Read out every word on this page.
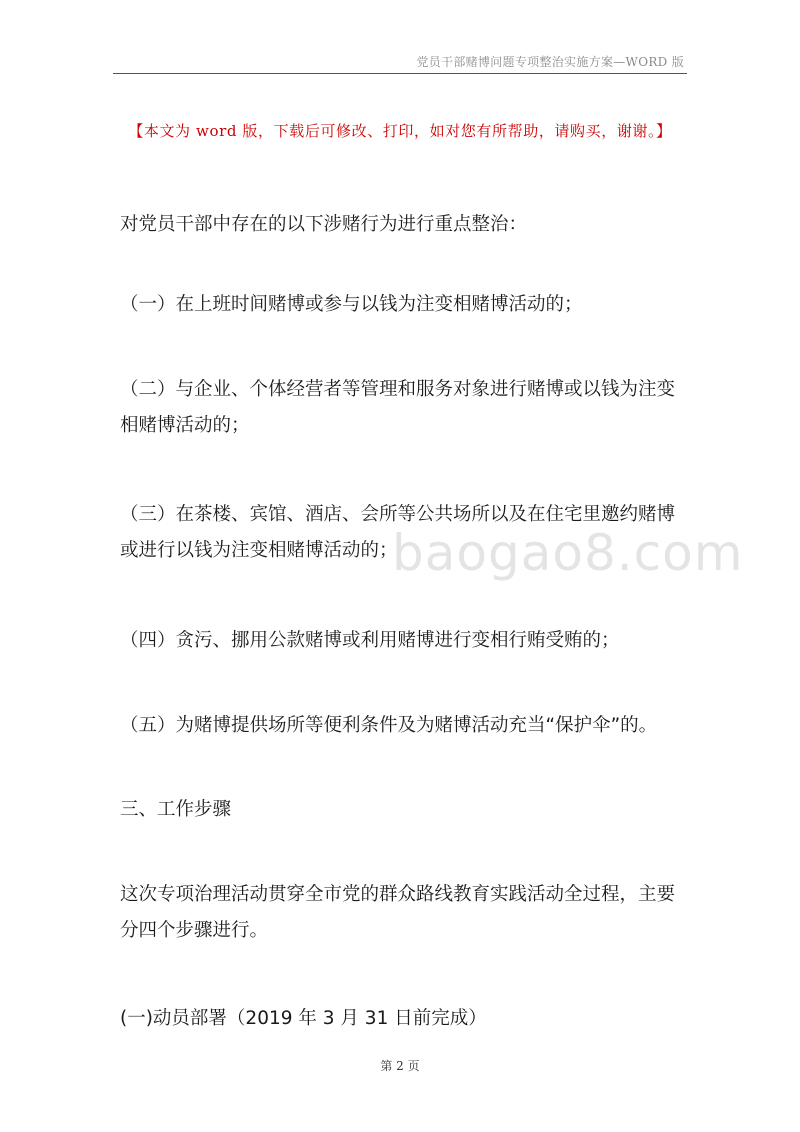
党员干部赌博问题专项整治实施方案—WORD 版
【本文为 word 版，下载后可修改、打印，如对您有所帮助，请购买，谢谢。】
baogao8.com

对党员干部中存在的以下涉赌行为进行重点整治：

（一）在上班时间赌博或参与以钱为注变相赌博活动的；

（二）与企业、个体经营者等管理和服务对象进行赌博或以钱为注变相赌博活动的；

（三）在茶楼、宾馆、酒店、会所等公共场所以及在住宅里邀约赌博或进行以钱为注变相赌博活动的；

（四）贪污、挪用公款赌博或利用赌博进行变相行贿受贿的；

（五）为赌博提供场所等便利条件及为赌博活动充当“保护伞”的。

三、工作步骤

这次专项治理活动贯穿全市党的群众路线教育实践活动全过程，主要分四个步骤进行。

(一)动员部署（2019 年 3 月 31 日前完成）

第 2 页
